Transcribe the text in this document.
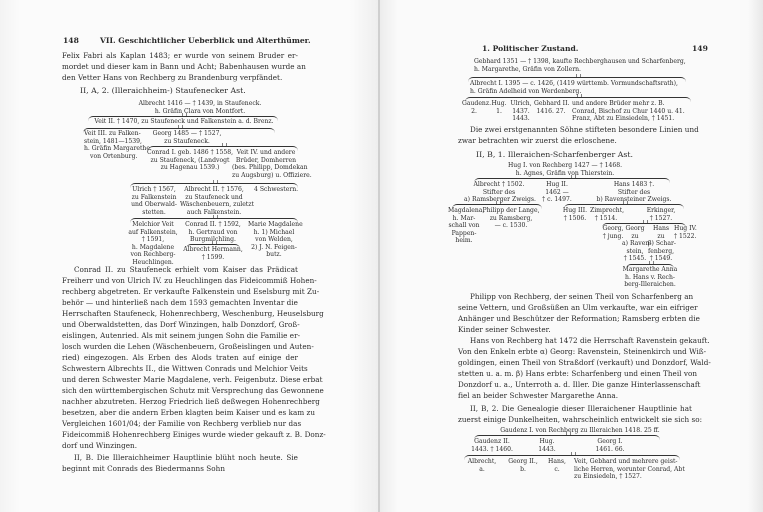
148	VII. Geschichtlicher Ueberblick und Alterthümer.
Felix Fabri als Kaplan 1483; er wurde von seinem Bruder er-
mordet und dieser kam in Bann und Acht; Babenhausen wurde an
den Vetter Hans von Rechberg zu Brandenburg verpfändet.
II, A, 2. (Illeraichheim-) Staufenecker Ast.
Albrecht 1416 — † 1439, in Staufeneck.
h. Gräfin Clara von Montfort.
Veit II. † 1470, zu Staufeneck und Falkenstein a. d. Brenz.
Veit III. zu Falken-
stein, 1481—1539,
h. Gräfin Margarethe
von Ortenburg.
Georg 1485 — † 1527,
zu Staufeneck.
Conrad I. geb. 1486 † 1558,
zu Staufeneck, (Landvogt
zu Hagenau 1539.)
Veit IV. und andere
Brüder, Domherren
(bes. Philipp, Domdekan
zu Augsburg) u. Offiziere.
Ulrich † 1567,
zu Falkenstein
und Oberwald-
stetten.
Albrecht II. † 1576,
zu Staufeneck und
Wäschenbeuern, zuletzt
auch Falkenstein.
4 Schwestern.
Melchior Veit
auf Falkenstein,
† 1591,
h. Magdalene
von Rechberg-
Heuchlingen.
Conrad II. † 1592,
h. Gertraud von
Burgmilchling.
Albrecht Hermann,
† 1599.
Marie Magdalene
h. 1) Michael
von Welden,
2) J. N. Feigen-
butz.
Conrad II. zu Staufeneck erhielt vom Kaiser das Prädicat
Freiherr und von Ulrich IV. zu Heuchlingen das Fideicommiß Hohen-
rechberg abgetreten. Er verkaufte Falkenstein und Eselsburg mit Zu-
behör — und hinterließ nach dem 1593 gemachten Inventar die
Herrschaften Staufeneck, Hohenrechberg, Weschenburg, Heuselsburg
und Oberwaldstetten, das Dorf Winzingen, halb Donzdorf, Groß-
eislingen, Autenried. Als mit seinem jungen Sohn die Familie er-
losch wurden die Lehen (Wäschenbeuern, Großeislingen und Auten-
ried) eingezogen. Als Erben des Alods traten auf einige der
Schwestern Albrechts II., die Wittwen Conrads und Melchior Veits
und deren Schwester Marie Magdalene, verh. Feigenbutz. Diese erbat
sich den württembergischen Schutz mit Versprechung das Gewonnene
nachher abzutreten. Herzog Friedrich ließ deßwegen Hohenrechberg
besetzen, aber die andern Erben klagten beim Kaiser und es kam zu
Vergleichen 1601/04; der Familie von Rechberg verblieb nur das
Fideicommiß Hohenrechberg Einiges wurde wieder gekauft z. B. Donz-
dorf und Winzingen.
II, B. Die Illeraichheimer Hauptlinie blüht noch heute. Sie
beginnt mit Conrads des Biedermanns Sohn
1. Politischer Zustand.	149
Gebhard 1351 — † 1398, kaufte Rechberghausen und Scharfenberg,
h. Margarethe, Gräfin von Zollern.
Albrecht I. 1395 — c. 1426, (1419 württemb. Vormundschaftsrath),
h. Gräfin Adelheid von Werdenberg.
Gaudenz.
2.
Hug.
1.
Ulrich,
1437.
1443.
Gebhard II.
1416. 27.
und andere Brüder mehr z. B.
Conrad, Bischof zu Chur 1440 u. 41.
Franz, Abt zu Einsiedeln, † 1451.
Die zwei erstgenannten Söhne stifteten besondere Linien und
zwar betrachten wir zuerst die erloschene.
II, B, 1. Illeraichen-Scharfenberger Ast.
Hug I. von Rechberg 1427 — † 1468.
h. Agnes, Gräfin von Thierstein.
Albrecht † 1502.
Stifter des
a) Ramsberger Zweigs.
Hug II.
1462 —
† c. 1497.
Hans 1483 †.
Stifter des
b) Ravensteiner Zweigs.
Magdalena,
h. Mar-
schall von
Pappen-
heim.
Philipp der Lange,
zu Ramsberg,
— c. 1530.
Hug III.
† 1506.
Zimprecht,
† 1514.
Erkinger,
† 1527.
Georg,
† jung.
Georg
zu
a) Raven-
stein,
† 1545.
Hans
zu
β) Schar-
fenberg,
† 1549.
Hug IV.
† 1522.
Margarethe Anna
h. Hans v. Rech-
berg-Illeraichen.
Philipp von Rechberg, der seinen Theil von Scharfenberg an
seine Vettern, und Großsüßen an Ulm verkaufte, war ein eifriger
Anhänger und Beschützer der Reformation; Ramsberg erbten die
Kinder seiner Schwester.
Hans von Rechberg hat 1472 die Herrschaft Ravenstein gekauft.
Von den Enkeln erbte α) Georg: Ravenstein, Steinenkirch und Wiß-
goldingen, einen Theil von Straßdorf (verkauft) und Donzdorf, Wald-
stetten u. a. m. β) Hans erbte: Scharfenberg und einen Theil von
Donzdorf u. a., Unterroth a. d. Iller. Die ganze Hinterlassenschaft
fiel an beider Schwester Margarethe Anna.
II, B, 2. Die Genealogie dieser Illeraichener Hauptlinie hat
zuerst einige Dunkelheiten, wahrscheinlich entwickelt sie sich so:
Gaudenz I. von Rechberg zu Illeraichen 1418. 25 ff.
Gaudenz II.
1443. † 1460.
Hug.
1443.
Georg I.
1461. 66.
Albrecht,
a.
Georg II.,
b.
Hans,
c.
Veit, Gebhard und mehrere geist-
liche Herren, worunter Conrad, Abt
zu Einsiedeln, † 1527.
